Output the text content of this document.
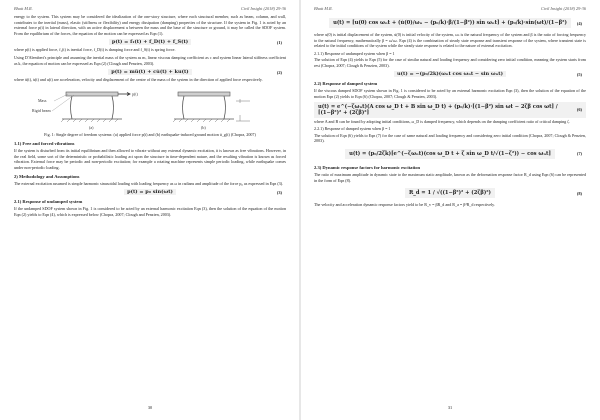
Bhatt M.R.	Civil Insight (2018) 29-36

energy to the system. This system may be considered the idealization of the one-story structure, where each structural member, such as beam, column, and wall, contributes to the inertial (mass), elastic (stiffness or flexibility) and energy dissipation (damping) properties of the structure. If the system in Fig. 1 is acted by an external force p(t) in lateral direction, with an active displacement u between the mass and the base of the structure or ground, it may be called the SDOF system. From the equilibrium of the forces, the equation of the motion can be expressed as Eqn (1).

p(t) = f₁(t) + f_D(t) + f_S(t)	(1)

where p(t) is applied force, f₁(t) is inertial force, f_D(t) is damping force and f_S(t) is spring force.

Using D'Alembert's principle and assuming the inertial mass of the system as m, linear viscous damping coefficient as c and system linear lateral stiffness coefficient as k, the equation of motion can be expressed as Eqn (2) (Clough and Penzien, 2003).

p(t) = mü(t) + cu̇(t) + ku(t)	(2)

where ü(t), u̇(t) and u(t) are acceleration, velocity and displacement of the centre of the mass of the system in the direction of applied force respectively.

Mass
Rigid beam
p(t)
(a)	(b)
Fig. 1: Single degree of freedom systems: (a) applied force p(t) and (b) earthquake-induced ground motion ü_g(t) (Chopra, 2007)
1.1) Free and forced vibrations

If the system is disturbed from its initial equilibrium and then allowed to vibrate without any external dynamic excitation, it is known as free vibrations. However, in the real field, some sort of the deterministic or probabilistic loading act upon the structure in time-dependent nature, and the resulting vibration is known as forced vibration. External force may be periodic and non-periodic excitation; for example a rotating machine represents simple periodic loading, while earthquake comes under non-periodic loading.

2) Methodology and Assumptions

The external excitation assumed is simple harmonic sinusoidal loading with loading frequency as ω in radians and amplitude of the force p₀ as expressed in Eqn (3).

p(t) = p₀ sin(ωt)	(3)
2.1) Response of undamped system

If the undamped SDOF system shown in Fig. 1 is considered to be acted by an external harmonic excitation Eqn (3), then the solution of the equation of the motion Eqn (2) yields to Eqn (4), which is expressed below (Chopra, 2007; Clough and Penzien, 2003).

30
Bhatt M.R.	Civil Insight (2018) 29-36
u(t) = [u(0) cos ωₙt + (u̇(0)/ωₙ − (p₀/k)·β/(1−β²)) sin ωₙt] + (p₀/k)·sin(ωt)/(1−β²)	(4)

where u(0) is initial displacement of the system, u̇(0) is initial velocity of the system, ωₙ is the natural frequency of the system and β is the ratio of forcing frequency to the natural frequency, mathematically β = ω/ωₙ. Eqn (4) is the combination of steady state response and transient response of the system, where transient state is related to the initial conditions of the system while the steady state response is related to the nature of external excitation.

2.1.1) Response of undamped system when β = 1

The solution of Eqn (4) yields to Eqn (5) for the case of similar natural and loading frequency and considering zero initial condition, meaning the system starts from rest (Chopra, 2007; Clough & Penzien, 2003).

u(t) = −(p₀/2k)(ωₙt cos ωₙt − sin ωₙt)	(5)
2.2) Response of damped system

If the viscous damped SDOF system shown in Fig. 1 is considered to be acted by an external harmonic excitation Eqn (3), then the solution of the equation of the motion Eqn (2) yields to Eqn (6) (Chopra, 2007; Clough & Penzien, 2003).

u(t) = e^(−ζωₙt)(A cos ω_D t + B sin ω_D t) + (p₀/k)·[(1−β²) sin ωt − 2ζβ cos ωt] / [(1−β²)² + (2ζβ)²]	(6)

where A and B can be found by adopting initial conditions, ω_D is damped frequency, which depends on the damping coefficient ratio of critical damping ζ.

2.2.1) Response of damped system when β = 1

The solution of Eqn (6) yields to Eqn (7) for the case of same natural and loading frequency and considering zero initial condition (Chopra, 2007; Clough & Penzien, 2003).

u(t) = (p₀/2ζk)[e^(−ζωₙt)(cos ω_D t + ζ sin ω_D t/√(1−ζ²)) − cos ωₙt]	(7)
2.3) Dynamic response factors for harmonic excitation

The ratio of maximum amplitude in dynamic state to the maximum static amplitude, known as the deformation response factor R_d using Eqn (6) can be represented in the form of Eqn (8).

R_d = 1 / √((1−β²)² + (2ζβ)²)	(8)

The velocity and acceleration dynamic response factors yield to be R_v = βR_d and R_a = β²R_d respectively.

31
